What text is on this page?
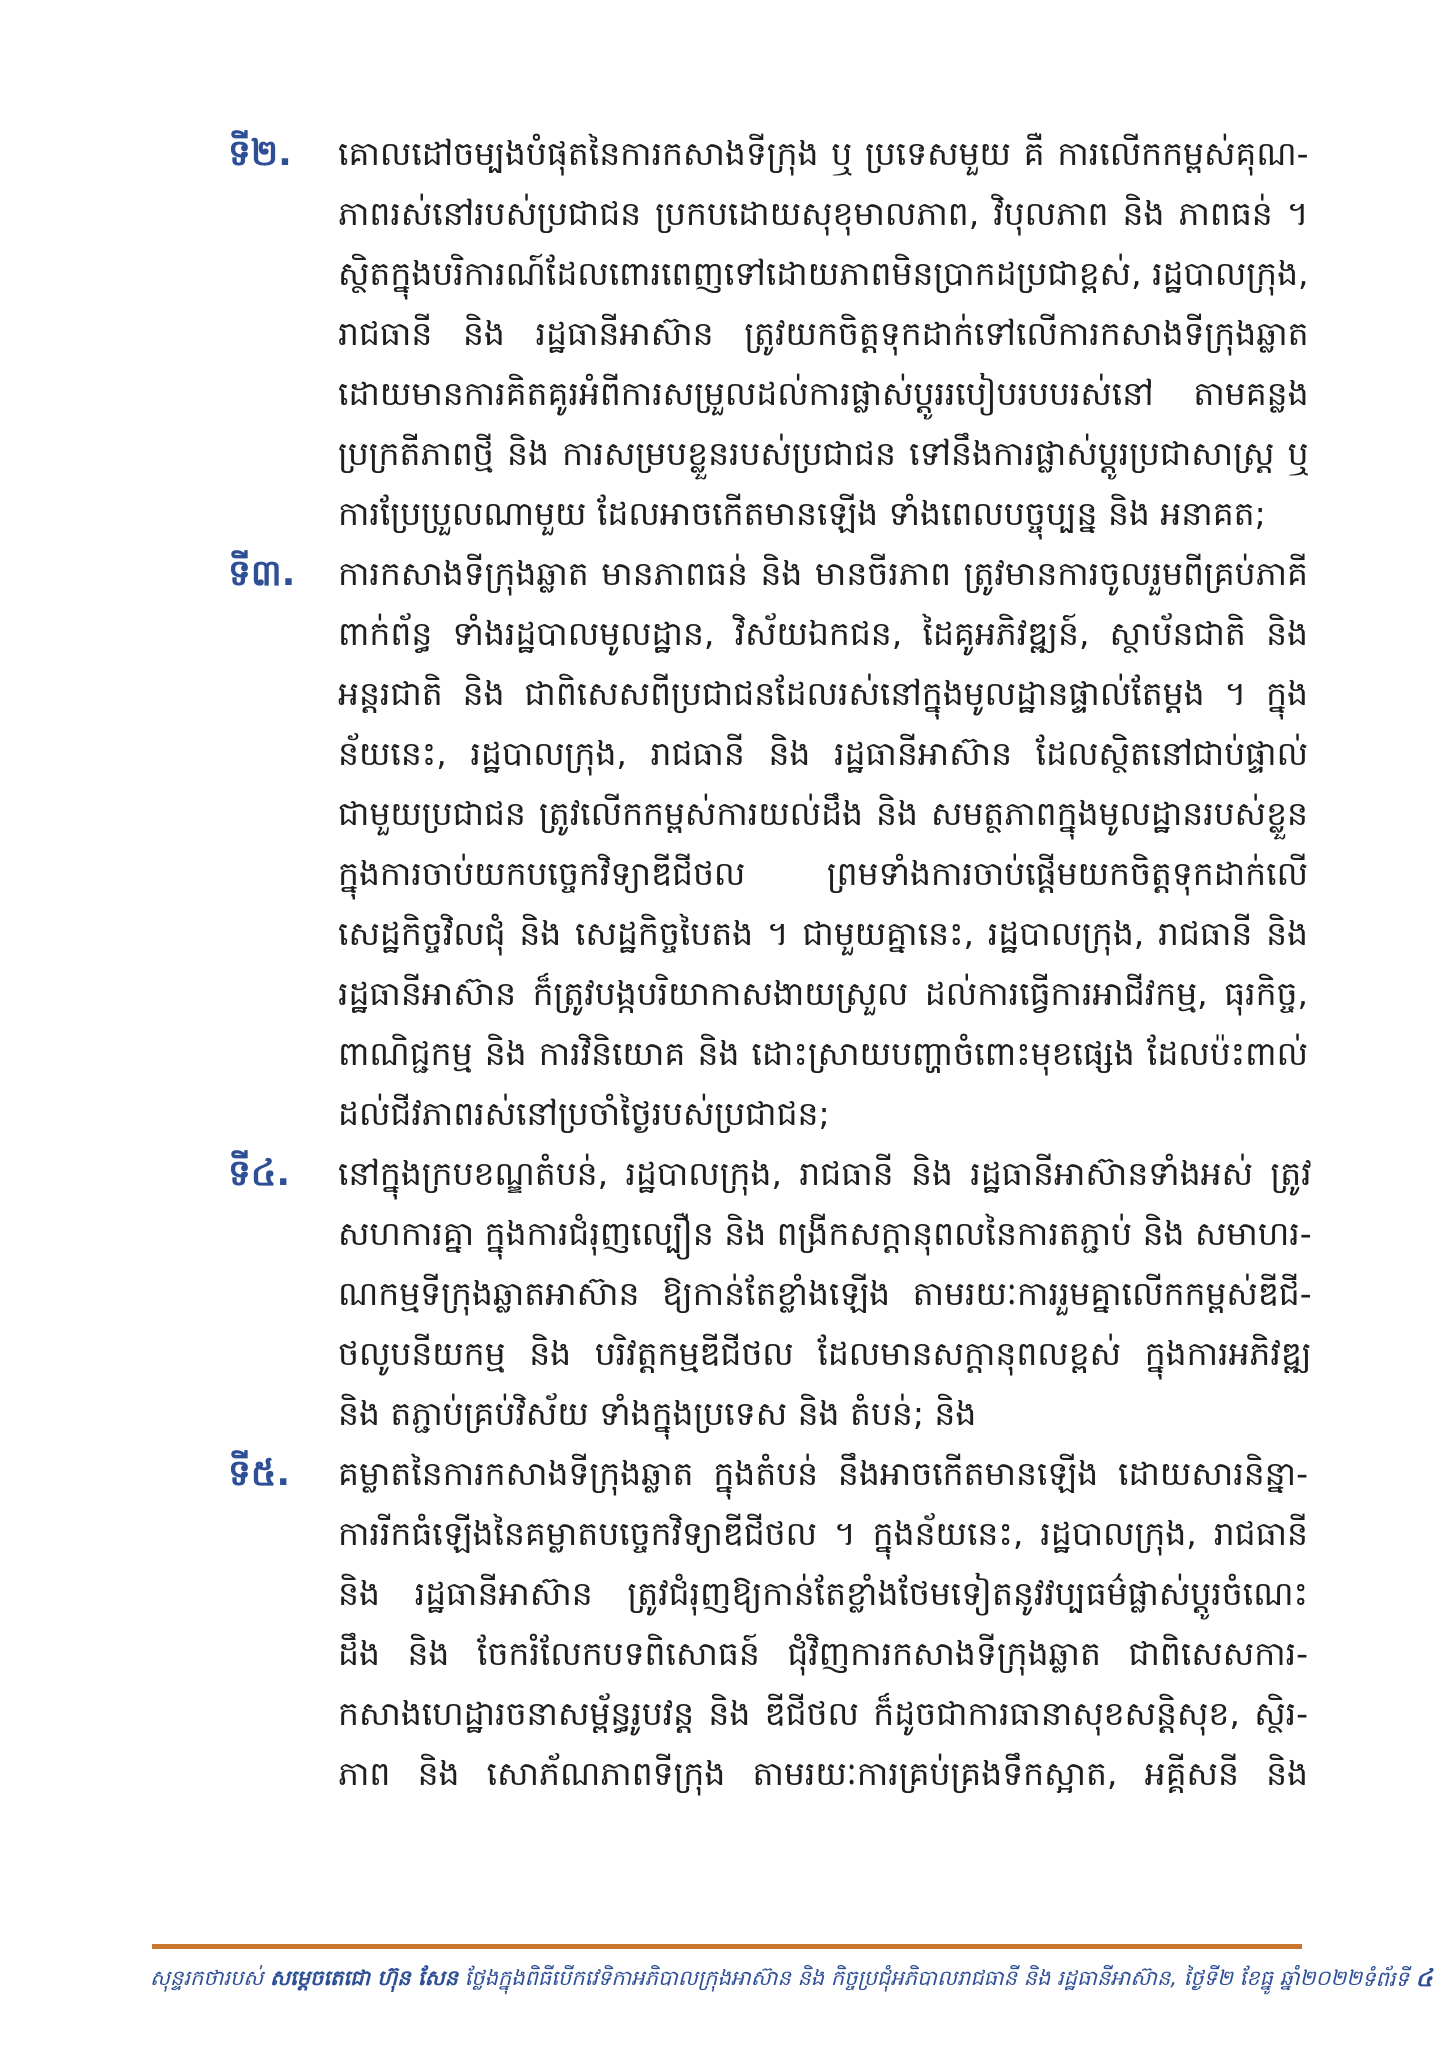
ទី២.	គោលដៅចម្បងបំផុតនៃការកសាងទីក្រុង ឬ ប្រទេសមួយ គឺ ការលើកកម្ពស់គុណ-
ភាពរស់នៅរបស់ប្រជាជន ប្រកបដោយសុខុមាលភាព, វិបុលភាព និង ភាពធន់ ។
ស្ថិតក្នុងបរិការណ៍ដែលពោរពេញទៅដោយភាពមិនប្រាកដប្រជាខ្ពស់, រដ្ឋបាលក្រុង,
រាជធានី និង រដ្ឋធានីអាស៊ាន ត្រូវយកចិត្តទុកដាក់ទៅលើការកសាងទីក្រុងឆ្លាត
ដោយមានការគិតគូរអំពីការសម្រួលដល់ការផ្លាស់ប្តូររបៀបរបបរស់នៅ តាមគន្លង
ប្រក្រតីភាពថ្មី និង ការសម្របខ្លួនរបស់ប្រជាជន ទៅនឹងការផ្លាស់ប្តូរប្រជាសាស្ត្រ ឬ
ការប្រែប្រួលណាមួយ ដែលអាចកើតមានឡើង ទាំងពេលបច្ចុប្បន្ន និង អនាគត;
ទី៣.	ការកសាងទីក្រុងឆ្លាត មានភាពធន់ និង មានចីរភាព ត្រូវមានការចូលរួមពីគ្រប់ភាគី
ពាក់ព័ន្ធ ទាំងរដ្ឋបាលមូលដ្ឋាន, វិស័យឯកជន, ដៃគូអភិវឌ្ឍន៍, ស្ថាប័នជាតិ និង
អន្តរជាតិ និង ជាពិសេសពីប្រជាជនដែលរស់នៅក្នុងមូលដ្ឋានផ្ទាល់តែម្តង ។ ក្នុង
ន័យនេះ, រដ្ឋបាលក្រុង, រាជធានី និង រដ្ឋធានីអាស៊ាន ដែលស្ថិតនៅជាប់ផ្ទាល់
ជាមួយប្រជាជន ត្រូវលើកកម្ពស់ការយល់ដឹង និង សមត្ថភាពក្នុងមូលដ្ឋានរបស់ខ្លួន
ក្នុងការចាប់យកបច្ចេកវិទ្យាឌីជីថល ព្រមទាំងការចាប់ផ្តើមយកចិត្តទុកដាក់លើ
សេដ្ឋកិច្ចវិលជុំ និង សេដ្ឋកិច្ចបៃតង ។ ជាមួយគ្នានេះ, រដ្ឋបាលក្រុង, រាជធានី និង
រដ្ឋធានីអាស៊ាន ក៏ត្រូវបង្កបរិយាកាសងាយស្រួល ដល់ការធ្វើការអាជីវកម្ម, ធុរកិច្ច,
ពាណិជ្ជកម្ម និង ការវិនិយោគ និង ដោះស្រាយបញ្ហាចំពោះមុខផ្សេង ដែលប៉ះពាល់
ដល់ជីវភាពរស់នៅប្រចាំថ្ងៃរបស់ប្រជាជន;
ទី៤.	នៅក្នុងក្របខណ្ឌតំបន់, រដ្ឋបាលក្រុង, រាជធានី និង រដ្ឋធានីអាស៊ានទាំងអស់ ត្រូវ
សហការគ្នា ក្នុងការជំរុញល្បឿន និង ពង្រីកសក្តានុពលនៃការតភ្ជាប់ និង សមាហរ-
ណកម្មទីក្រុងឆ្លាតអាស៊ាន ឱ្យកាន់តែខ្លាំងឡើង តាមរយៈការរួមគ្នាលើកកម្ពស់ឌីជី-
ថលូបនីយកម្ម និង បរិវត្តកម្មឌីជីថល ដែលមានសក្តានុពលខ្ពស់ ក្នុងការអភិវឌ្ឍ
និង តភ្ជាប់គ្រប់វិស័យ ទាំងក្នុងប្រទេស និង តំបន់; និង
ទី៥.	គម្លាតនៃការកសាងទីក្រុងឆ្លាត ក្នុងតំបន់ នឹងអាចកើតមានឡើង ដោយសារនិន្នា-
ការរីកធំឡើងនៃគម្លាតបច្ចេកវិទ្យាឌីជីថល ។ ក្នុងន័យនេះ, រដ្ឋបាលក្រុង, រាជធានី
និង រដ្ឋធានីអាស៊ាន ត្រូវជំរុញឱ្យកាន់តែខ្លាំងថែមទៀតនូវវប្បធម៌ផ្លាស់ប្តូរចំណេះ
ដឹង និង ចែករំលែកបទពិសោធន៍ ជុំវិញការកសាងទីក្រុងឆ្លាត ជាពិសេសការ-
កសាងហេដ្ឋារចនាសម្ព័ន្ធរូបវន្ត និង ឌីជីថល ក៏ដូចជាការធានាសុខសន្តិសុខ, ស្ថិរ-
ភាព និង សោភ័ណភាពទីក្រុង តាមរយៈការគ្រប់គ្រងទឹកស្អាត, អគ្គីសនី និង
សុន្ទរកថារបស់ សម្តេចតេជោ ហ៊ុន សែន ថ្លែងក្នុងពិធីបើកវេទិកាអភិបាលក្រុងអាស៊ាន និង កិច្ចប្រជុំអភិបាលរាជធានី និង រដ្ឋធានីអាស៊ាន, ថ្ងៃទី២ ខែធ្នូ ឆ្នាំ២០២២ ទំព័រទី ៤
